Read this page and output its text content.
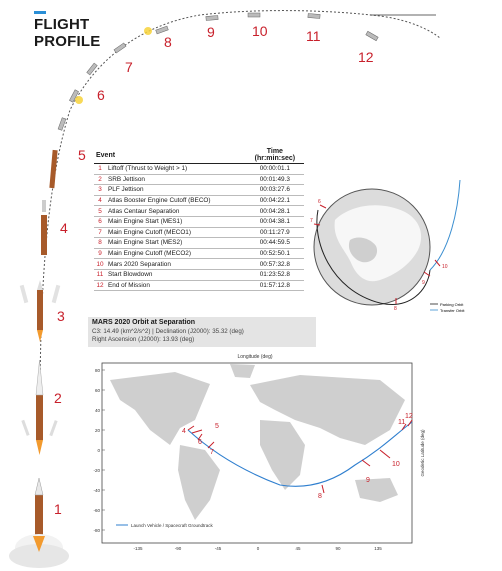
FLIGHT
PROFILE
1
2
3
4
5
6
7
8
9	10	11
12
Event		Time
(hr:min:sec)

1	Liftoff (Thrust to Weight > 1)	00:00:01.1
2	SRB Jettison	00:01:49.3
3	PLF Jettison	00:03:27.6
4	Atlas Booster Engine Cutoff (BECO)	00:04:22.1
5	Atlas Centaur Separation	00:04:28.1
6	Main Engine Start (MES1)	00:04:38.1
7	Main Engine Cutoff (MECO1)	00:11:27.9
8	Main Engine Start (MES2)	00:44:59.5
9	Main Engine Cutoff (MECO2)	00:52:50.1
10	Mars 2020 Separation	00:57:32.8
11	Start Blowdown	01:23:52.8
12	End of Mission	01:57:12.8
MARS 2020 Orbit at Separation
C3: 14.49 (km^2/s^2) | Declination (J2000): 35.32 (deg)
Right Ascension (J2000): 13.93 (deg)
6
7
8
9
10
Parking Orbit
Transfer Orbit
Longitude (deg)
80
60
40
20
0
-20
-40
-60
-80
-135	-90	-45	0	45	90	135
Geodetic Latitude (deg)
4
5
6
7
8
9
10
11
12
Launch Vehicle / Spacecraft Groundtrack
